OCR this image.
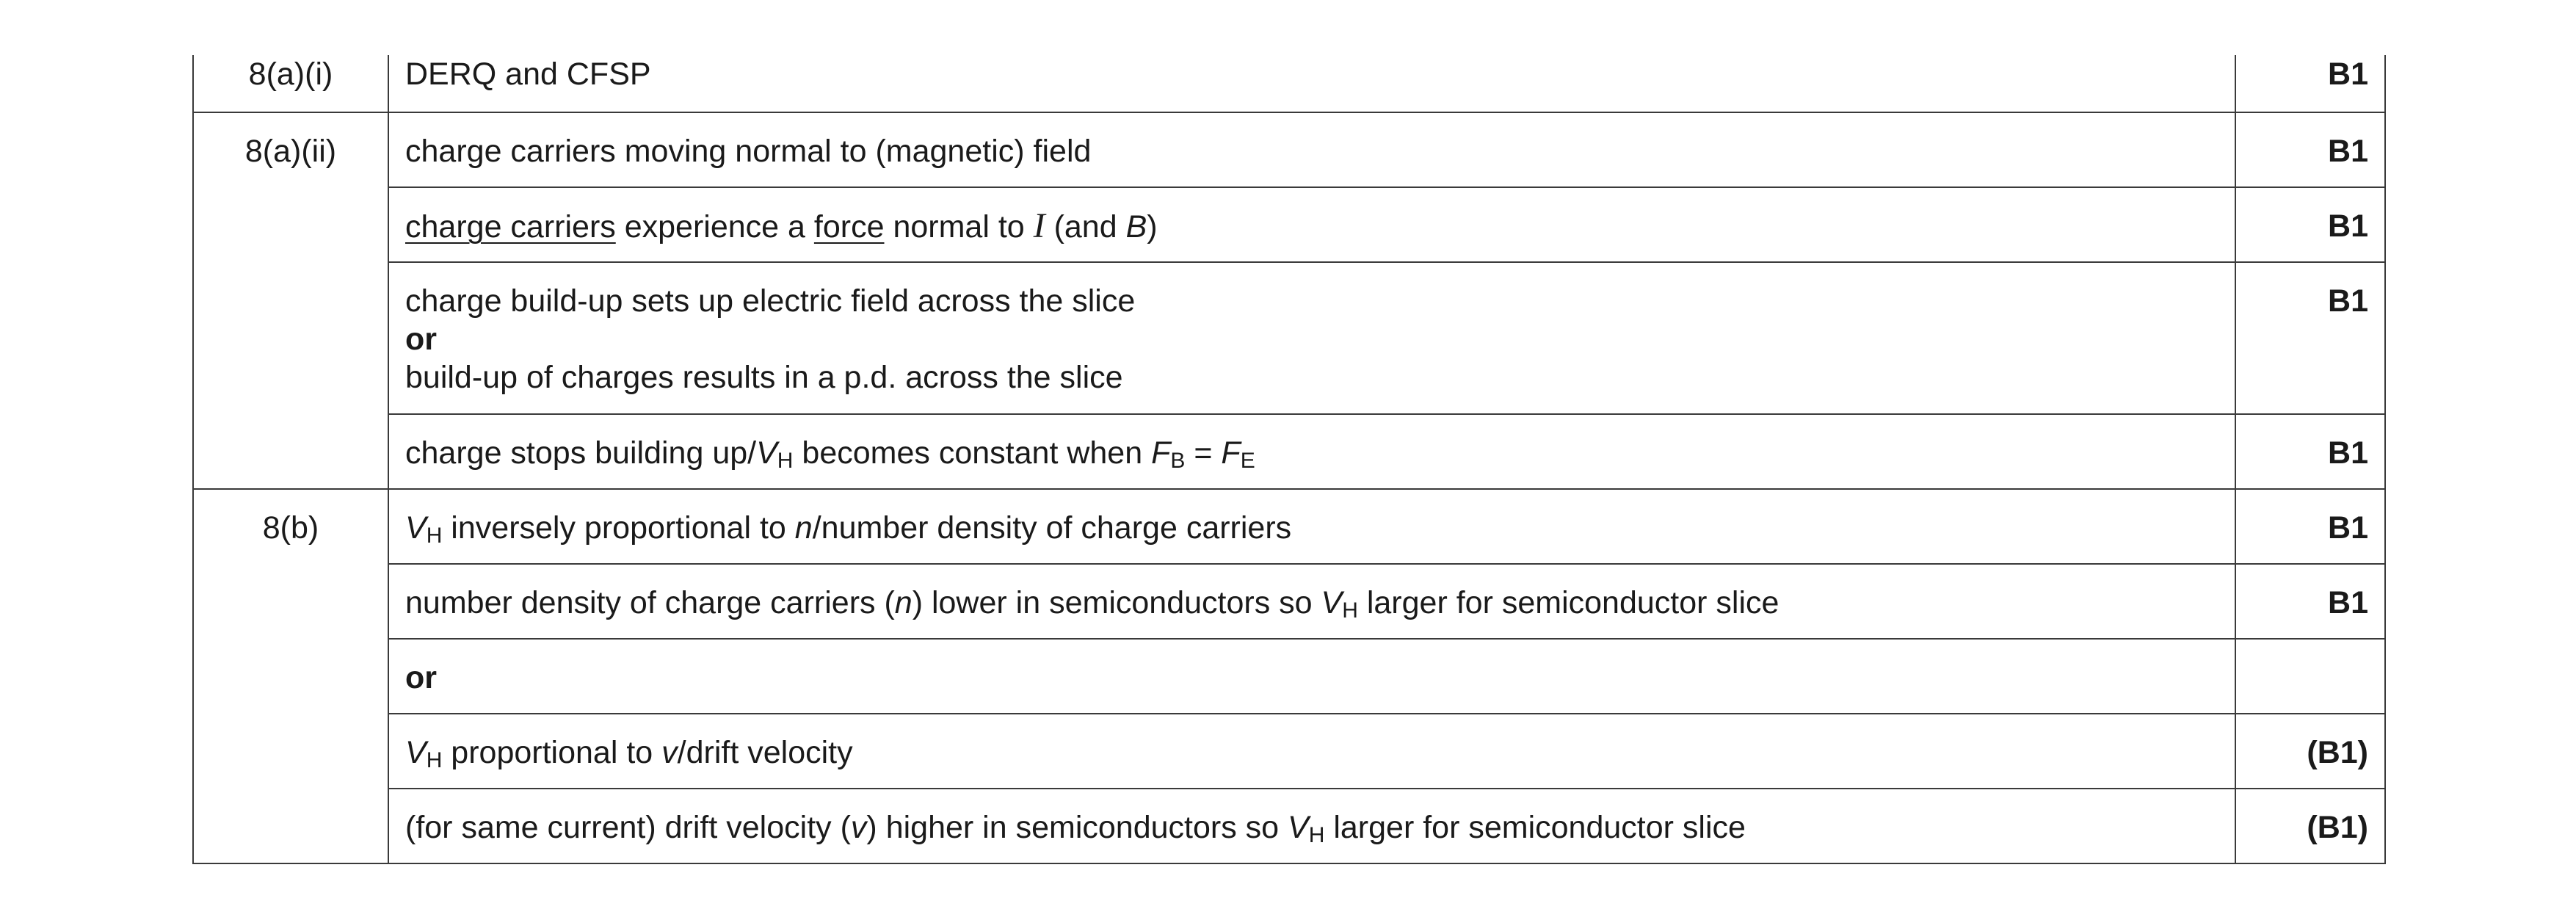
8(a)(i)	DERQ and CFSP	B1

8(a)(ii)	charge carriers moving normal to (magnetic) field	B1

	charge carriers experience a force normal to I (and B)	B1

	charge build-up sets up electric field across the slice
or
build-up of charges results in a p.d. across the slice	B1

	charge stops building $up/V_H$ becomes constant when $F_B = F_E$	B1

8(b)	$V_H$ inversely proportional to n/number density of charge carriers	B1

	number density of charge carriers (n) lower in semiconductors so $V_H$ larger for semiconductor slice	B1

	or	

	$V_H$ proportional to v/drift velocity	(B1)

	(for same current) drift velocity (v) higher in semiconductors so $V_H$ larger for semiconductor slice	(B1)
